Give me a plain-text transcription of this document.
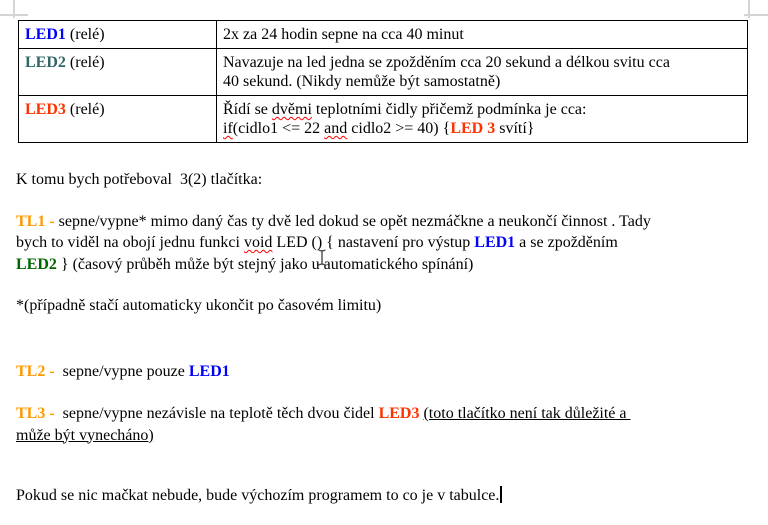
LED1 (relé)	2x za 24 hodin sepne na cca 40 minut
LED2 (relé)	Navazuje na led jedna se zpožděním cca 20 sekund a délkou svitu cca
40 sekund. (Nikdy nemůže být samostatně)

LED3 (relé)	Řídí se dvěmi teplotními čidly přičemž podmínka je cca:
if(cidlo1 <= 22 and cidlo2 >= 40) {LED 3 svítí}

K tomu bych potřeboval  3(2) tlačítka:

TL1 - sepne/vypne* mimo daný čas ty dvě led dokud se opět nezmáčkne a neukončí činnost . Tady

bych to viděl na obojí jednu funkci void LED () { nastavení pro výstup LED1 a se zpožděním

LED2 } (časový průběh může být stejný jako u automatického spínání)

*(případně stačí automaticky ukončit po časovém limitu)

TL2 -  sepne/vypne pouze LED1

TL3 -  sepne/vypne nezávisle na teplotě těch dvou čidel LED3 (toto tlačítko není tak důležité a

může být vynecháno)

Pokud se nic mačkat nebude, bude výchozím programem to co je v tabulce.
